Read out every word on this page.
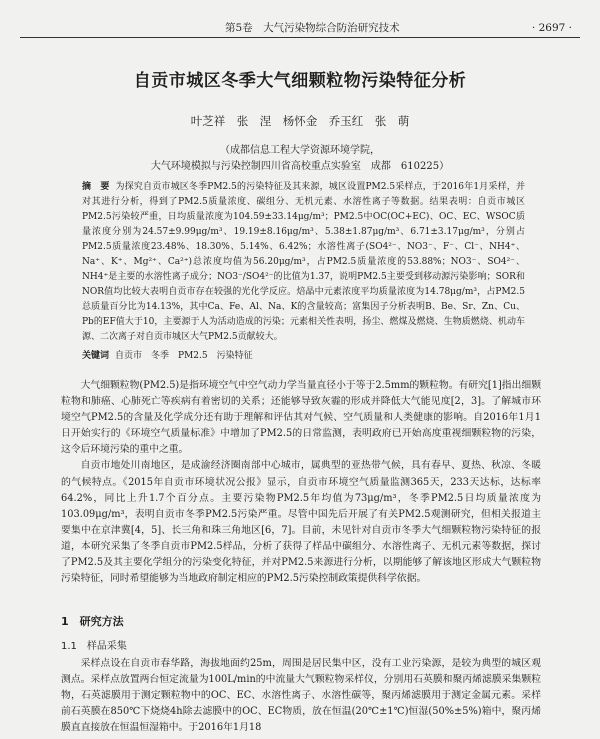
第5卷　大气污染物综合防治研究技术	· 2697 ·
自贡市城区冬季大气细颗粒物污染特征分析
叶芝祥　张　涅　杨怀金　乔玉红　张　萌
（成都信息工程大学资源环境学院，
大气环境模拟与污染控制四川省高校重点实验室　成都　610225）
摘　要 为探究自贡市城区冬季PM2.5的污染特征及其来源，城区设置PM2.5采样点，于2016年1月采样，并对其进行分析，得到了PM2.5质量浓度、碳组分、无机元素、水溶性离子等数据。结果表明：自贡市城区PM2.5污染较严重，日均质量浓度为104.59±33.14μg/m³；PM2.5中OC(OC+EC)、OC、EC、WSOC质量浓度分别为24.57±9.99μg/m³、19.19±8.16μg/m³、5.38±1.87μg/m³、6.71±3.17μg/m³，分别占PM2.5质量浓度23.48%、18.30%、5.14%、6.42%；水溶性离子(SO4²⁻、NO3⁻、F⁻、Cl⁻、NH4⁺、Na⁺、K⁺、Mg²⁺、Ca²⁺)总浓度均值为56.20μg/m³，占PM2.5质量浓度的53.88%；NO3⁻、SO4²⁻、NH4⁺是主要的水溶性离子成分；NO3⁻/SO4²⁻的比值为1.37，说明PM2.5主要受到移动源污染影响；SOR和NOR值均比较大表明自贡市存在较强的光化学反应。焙晶中元素浓度平均质量浓度为14.78μg/m³，占PM2.5总质量百分比为14.13%，其中Ca、Fe、Al、Na、K的含量较高；富集因子分析表明B、Be、Sr、Zn、Cu、Pb的EF值大于10，主要源于人为活动造成的污染；元素相关性表明，扬尘、燃煤及燃烧、生物质燃烧、机动车源、二次离子对自贡市城区大气PM2.5贡献较大。
关键词 自贡市　冬季　PM2.5　污染特征

大气细颗粒物(PM2.5)是指环境空气中空气动力学当量直径小于等于2.5mm的颗粒物。有研究[1]指出细颗粒物和肺癌、心肺死亡等疾病有着密切的关系；还能够导致灰霾的形成并降低大气能见度[2，3]。了解城市环境空气PM2.5的含量及化学成分还有助于理解和评估其对气候、空气质量和人类健康的影响。自2016年1月1日开始实行的《环境空气质量标准》中增加了PM2.5的日常监测，表明政府已开始高度重视细颗粒物的污染，这令后环境污染的重中之重。

自贡市地处川南地区，是成渝经济圈南部中心城市，属典型的亚热带气候，具有春早、夏热、秋凉、冬暖的气候特点。《2015年自贡市环境状况公报》显示，自贡市环境空气质量监测365天，233天达标，达标率64.2%，同比上升1.7个百分点。主要污染物PM2.5年均值为73μg/m³，冬季PM2.5日均质量浓度为103.09μg/m³，表明自贡市冬季PM2.5污染严重。尽管中国先后开展了有关PM2.5观测研究，但相关报道主要集中在京津冀[4，5]、长三角和珠三角地区[6，7]。目前，未见针对自贡市冬季大气细颗粒物污染特征的报道，本研究采集了冬季自贡市PM2.5样品，分析了获得了样品中碳组分、水溶性离子、无机元素等数据，探讨了PM2.5及其主要化学组分的污染变化特征，并对PM2.5来源进行分析，以期能够了解该地区形成大气颗粒物污染特征，同时希望能够为当地政府制定相应的PM2.5污染控制政策提供科学依据。

1　研究方法
1.1　样品采集

采样点设在自贡市春华路，海拔地面约25m，周围是居民集中区，没有工业污染源，是较为典型的城区观测点。采样点放置两台恒定流量为100L/min的中流量大气颗粒物采样仪，分别用石英膜和聚丙烯滤膜采集颗粒物，石英滤膜用于测定颗粒物中的OC、EC、水溶性离子、水溶性碳等，聚丙烯滤膜用于测定金属元素。采样前石英膜在850℃下烧烧4h除去滤膜中的OC、EC物质，放在恒温(20℃±1℃)恒湿(50%±5%)箱中，聚丙烯膜直直接放在恒温恒湿箱中。于2016年1月18
